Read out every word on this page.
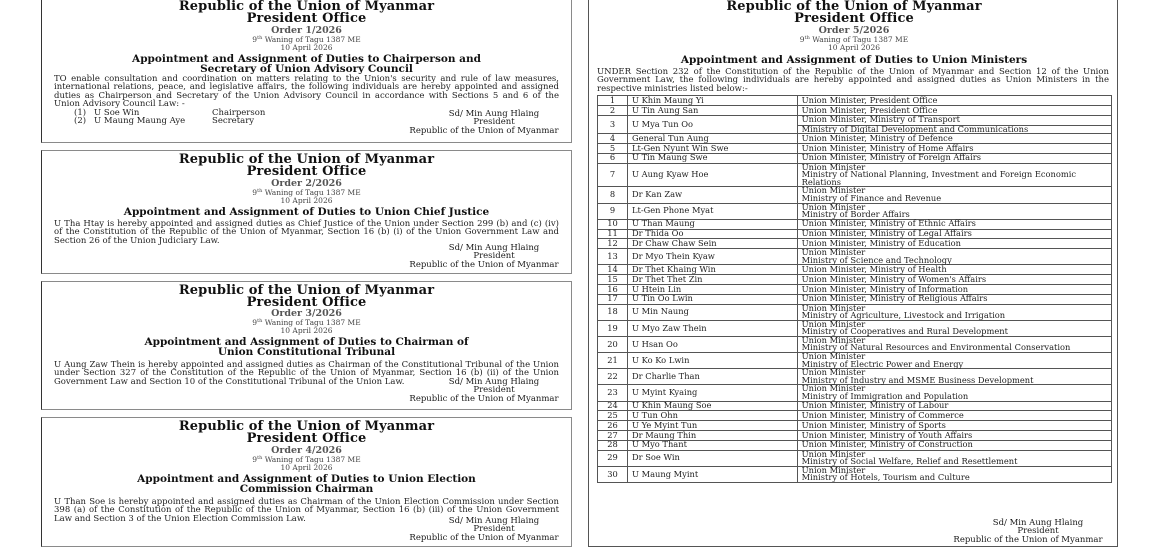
Republic of the Union of Myanmar
President Office
Order 1/2026
9th Waning of Tagu 1387 ME
10 April 2026
Appointment and Assignment of Duties to Chairperson and
Secretary of Union Advisory Council
TO enable consultation and coordination on matters relating to the Union's security and rule of law measures, international relations, peace, and legislative affairs, the following individuals are hereby appointed and assigned duties as Chairperson and Secretary of the Union Advisory Council in accordance with Sections 5 and 6 of the Union Advisory Council Law: -
(1) U Soe Win	Chairperson
(2) U Maung Maung Aye	Secretary
Sd/ Min Aung Hlaing
President
Republic of the Union of Myanmar
Republic of the Union of Myanmar
President Office
Order 2/2026
9th Waning of Tagu 1387 ME
10 April 2026
Appointment and Assignment of Duties to Union Chief Justice
U Tha Htay is hereby appointed and assigned duties as Chief Justice of the Union under Section 299 (b) and (c) (iv) of the Constitution of the Republic of the Union of Myanmar, Section 16 (b) (i) of the Union Government Law and Section 26 of the Union Judiciary Law.
Sd/ Min Aung Hlaing
President
Republic of the Union of Myanmar
Republic of the Union of Myanmar
President Office
Order 3/2026
9th Waning of Tagu 1387 ME
10 April 2026
Appointment and Assignment of Duties to Chairman of
Union Constitutional Tribunal
U Aung Zaw Thein is hereby appointed and assigned duties as Chairman of the Constitutional Tribunal of the Union under Section 327 of the Constitution of the Republic of the Union of Myanmar, Section 16 (b) (ii) of the Union Government Law and Section 10 of the Constitutional Tribunal of the Union Law.	Sd/ Min Aung Hlaing
President
Republic of the Union of Myanmar
Republic of the Union of Myanmar
President Office
Order 4/2026
9th Waning of Tagu 1387 ME
10 April 2026
Appointment and Assignment of Duties to Union Election
Commission Chairman
U Than Soe is hereby appointed and assigned duties as Chairman of the Union Election Commission under Section 398 (a) of the Constitution of the Republic of the Union of Myanmar, Section 16 (b) (iii) of the Union Government Law and Section 3 of the Union Election Commission Law.	Sd/ Min Aung Hlaing
President
Republic of the Union of Myanmar
Republic of the Union of Myanmar
President Office
Order 5/2026
9th Waning of Tagu 1387 ME
10 April 2026
Appointment and Assignment of Duties to Union Ministers
UNDER Section 232 of the Constitution of the Republic of the Union of Myanmar and Section 12 of the Union Government Law, the following individuals are hereby appointed and assigned duties as Union Ministers in the respective ministries listed below:-
1	U Khin Maung Yi	Union Minister, President Office

2	U Tin Aung San	Union Minister, President Office

3	U Mya Tun Oo	Union Minister, Ministry of Transport
		Ministry of Digital Development and Communications
4	General Tun Aung	Union Minister, Ministry of Defence

5	Lt-Gen Nyunt Win Swe	Union Minister, Ministry of Home Affairs

6	U Tin Maung Swe	Union Minister, Ministry of Foreign Affairs

7	U Aung Kyaw Hoe	Union Minister
Ministry of National Planning, Investment and Foreign Economic Relations

8	Dr Kan Zaw	Union Minister
Ministry of Finance and Revenue

9	Lt-Gen Phone Myat	Union Minister
Ministry of Border Affairs

10	U Than Maung	Union Minister, Ministry of Ethnic Affairs

11	Dr Thida Oo	Union Minister, Ministry of Legal Affairs

12	Dr Chaw Chaw Sein	Union Minister, Ministry of Education

13	Dr Myo Thein Kyaw	Union Minister
Ministry of Science and Technology

14	Dr Thet Khaing Win	Union Minister, Ministry of Health

15	Dr Thet Thet Zin	Union Minister, Ministry of Women's Affairs

16	U Htein Lin	Union Minister, Ministry of Information

17	U Tin Oo Lwin	Union Minister, Ministry of Religious Affairs

18	U Min Naung	Union Minister
Ministry of Agriculture, Livestock and Irrigation

19	U Myo Zaw Thein	Union Minister
Ministry of Cooperatives and Rural Development

20	U Hsan Oo	Union Minister
Ministry of Natural Resources and Environmental Conservation

21	U Ko Ko Lwin	Union Minister
Ministry of Electric Power and Energy

22	Dr Charlie Than	Union Minister
Ministry of Industry and MSME Business Development

23	U Myint Kyaing	Union Minister
Ministry of Immigration and Population

24	U Khin Maung Soe	Union Minister, Ministry of Labour

25	U Tun Ohn	Union Minister, Ministry of Commerce

26	U Ye Myint Tun	Union Minister, Ministry of Sports

27	Dr Maung Thin	Union Minister, Ministry of Youth Affairs

28	U Myo Thant	Union Minister, Ministry of Construction

29	Dr Soe Win	Union Minister
Ministry of Social Welfare, Relief and Resettlement

30	U Maung Myint	Union Minister
Ministry of Hotels, Tourism and Culture
Sd/ Min Aung Hlaing
President
Republic of the Union of Myanmar
